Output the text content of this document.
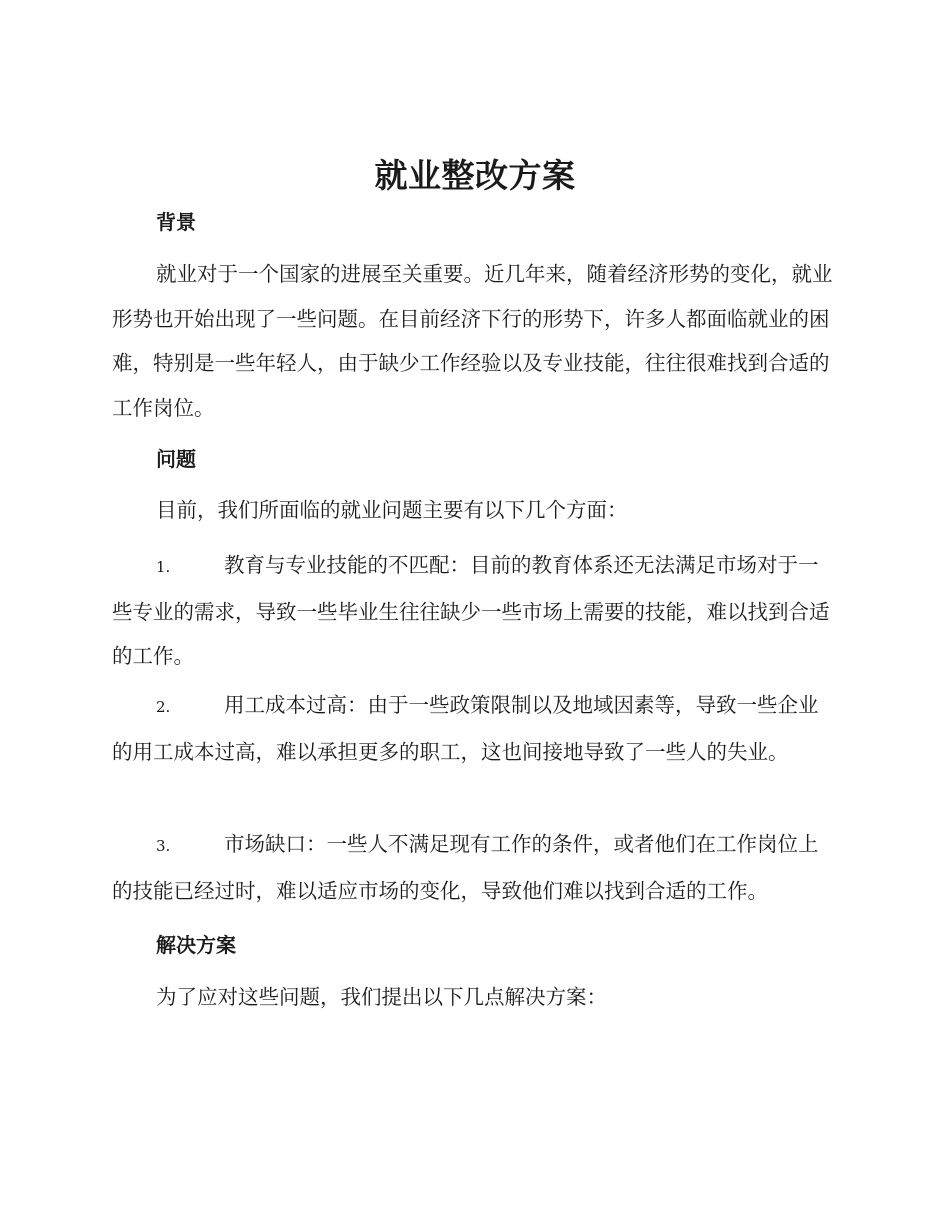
就业整改方案
背景

就业对于一个国家的进展至关重要。近几年来，随着经济形势的变化，就业形势也开始出现了一些问题。在目前经济下行的形势下，许多人都面临就业的困难，特别是一些年轻人，由于缺少工作经验以及专业技能，往往很难找到合适的工作岗位。

问题

目前，我们所面临的就业问题主要有以下几个方面：

1.	教育与专业技能的不匹配：目前的教育体系还无法满足市场对于一些专业的需求，导致一些毕业生往往缺少一些市场上需要的技能，难以找到合适的工作。

2.	用工成本过高：由于一些政策限制以及地域因素等，导致一些企业的用工成本过高，难以承担更多的职工，这也间接地导致了一些人的失业。

3.	市场缺口：一些人不满足现有工作的条件，或者他们在工作岗位上的技能已经过时，难以适应市场的变化，导致他们难以找到合适的工作。

解决方案

为了应对这些问题，我们提出以下几点解决方案：
